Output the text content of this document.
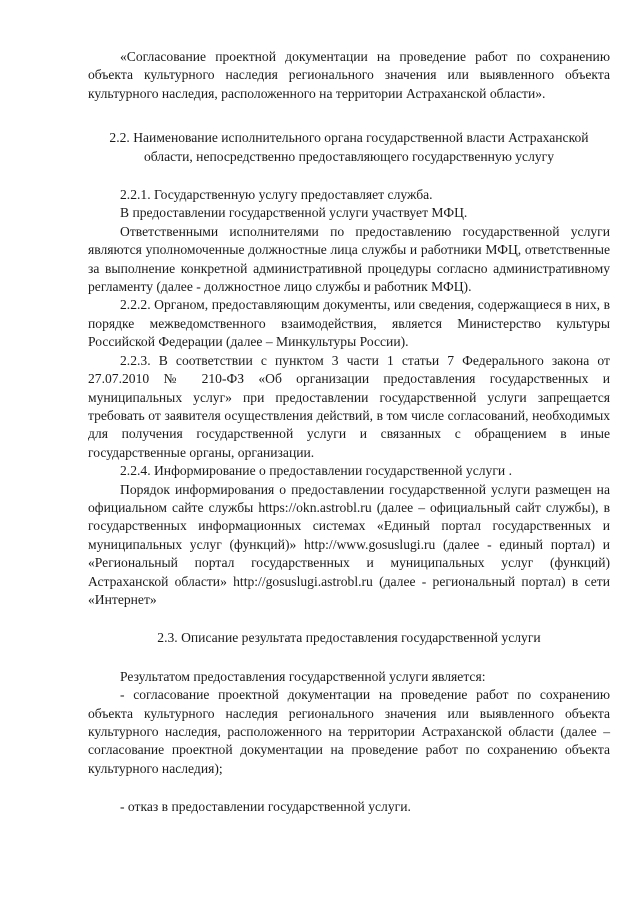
«Согласование проектной документации на проведение работ по сохранению объекта культурного наследия регионального значения или выявленного объекта культурного наследия, расположенного на территории Астраханской области».

2.2. Наименование исполнительного органа государственной власти Астраханской области, непосредственно предоставляющего государственную услугу

2.2.1. Государственную услугу предоставляет служба.

В предоставлении государственной услуги участвует МФЦ.

Ответственными исполнителями по предоставлению государственной услуги являются уполномоченные должностные лица службы и работники МФЦ, ответственные за выполнение конкретной административной процедуры согласно административному регламенту (далее - должностное лицо службы и работник МФЦ).

2.2.2. Органом, предоставляющим документы, или сведения, содержащиеся в них, в порядке межведомственного взаимодействия, является Министерство культуры Российской Федерации (далее – Минкультуры России).

2.2.3. В соответствии с пунктом 3 части 1 статьи 7 Федерального закона от 27.07.2010 № 210-ФЗ «Об организации предоставления государственных и муниципальных услуг» при предоставлении государственной услуги запрещается требовать от заявителя осуществления действий, в том числе согласований, необходимых для получения государственной услуги и связанных с обращением в иные государственные органы, организации.

2.2.4. Информирование о предоставлении государственной услуги .

Порядок информирования о предоставлении государственной услуги размещен на официальном сайте службы https://okn.astrobl.ru (далее – официальный сайт службы), в государственных информационных системах «Единый портал государственных и муниципальных услуг (функций)» http://www.gosuslugi.ru (далее - единый портал) и «Региональный портал государственных и муниципальных услуг (функций) Астраханской области» http://gosuslugi.astrobl.ru (далее - региональный портал) в сети «Интернет»

2.3. Описание результата предоставления государственной услуги

Результатом предоставления государственной услуги является:

- согласование проектной документации на проведение работ по сохранению объекта культурного наследия регионального значения или выявленного объекта культурного наследия, расположенного на территории Астраханской области (далее – согласование проектной документации на проведение работ по сохранению объекта культурного наследия);

- отказ в предоставлении государственной услуги.
